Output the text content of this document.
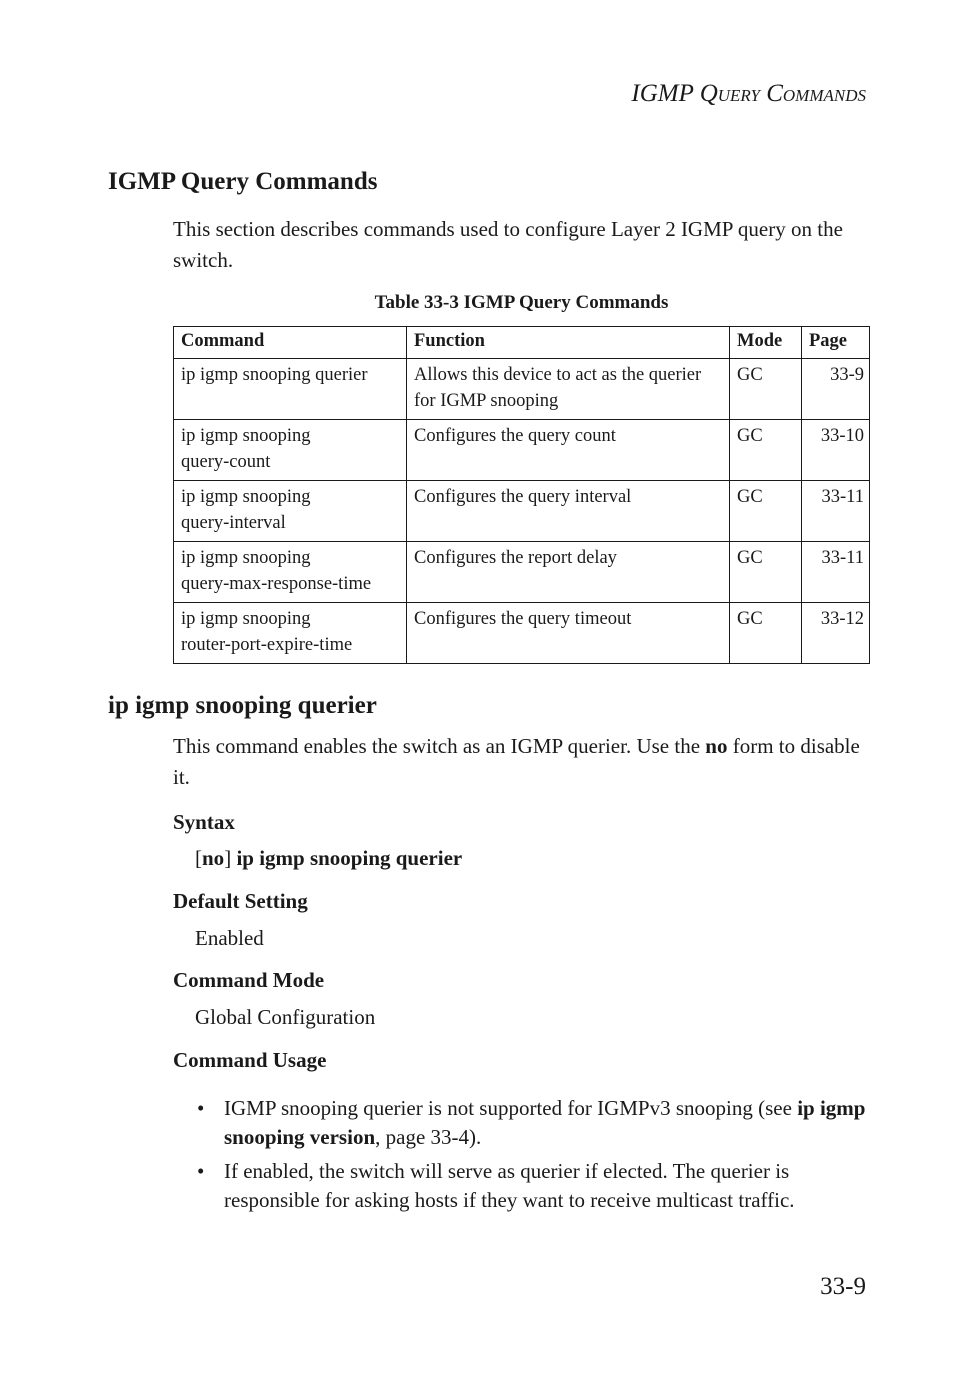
IGMP QUERY COMMANDS
IGMP Query Commands
This section describes commands used to configure Layer 2 IGMP query on the switch.
Table 33-3 IGMP Query Commands
Command	Function	Mode	Page
ip igmp snooping querier	Allows this device to act as the querier for IGMP snooping	GC	33-9
ip igmp snooping
query-count	Configures the query count	GC	33-10
ip igmp snooping
query-interval	Configures the query interval	GC	33-11
ip igmp snooping
query-max-response-time	Configures the report delay	GC	33-11
ip igmp snooping
router-port-expire-time	Configures the query timeout	GC	33-12
ip igmp snooping querier
This command enables the switch as an IGMP querier. Use the no form to disable it.
Syntax
[no] ip igmp snooping querier
Default Setting
Enabled
Command Mode
Global Configuration
Command Usage
• IGMP snooping querier is not supported for IGMPv3 snooping (see ip igmp snooping version, page 33-4).
• If enabled, the switch will serve as querier if elected. The querier is responsible for asking hosts if they want to receive multicast traffic.
33-9
